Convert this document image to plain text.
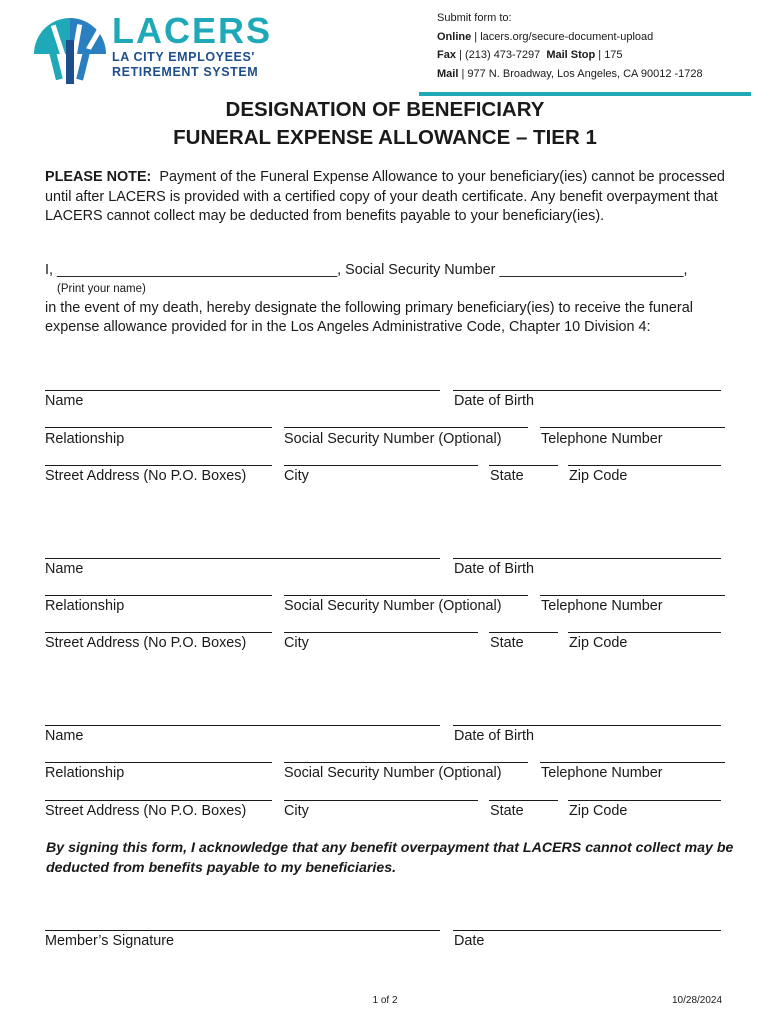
LACERS
LA CITY EMPLOYEES'
RETIREMENT SYSTEM
Submit form to:
Online | lacers.org/secure-document-upload
Fax | (213) 473-7297 Mail Stop | 175
Mail | 977 N. Broadway, Los Angeles, CA 90012 -1728
DESIGNATION OF BENEFICIARY
FUNERAL EXPENSE ALLOWANCE – TIER 1
PLEASE NOTE: Payment of the Funeral Expense Allowance to your beneficiary(ies) cannot be processed until after LACERS is provided with a certified copy of your death certificate. Any benefit overpayment that LACERS cannot collect may be deducted from benefits payable to your beneficiary(ies).
I, ___________________________________, Social Security Number _______________________,
(Print your name)
in the event of my death, hereby designate the following primary beneficiary(ies) to receive the funeral expense allowance provided for in the Los Angeles Administrative Code, Chapter 10 Division 4:
Name	Date of Birth
Relationship	Social Security Number (Optional)	Telephone Number
Street Address (No P.O. Boxes)	City	State	Zip Code
Name	Date of Birth
Relationship	Social Security Number (Optional)	Telephone Number
Street Address (No P.O. Boxes)	City	State	Zip Code
Name	Date of Birth
Relationship	Social Security Number (Optional)	Telephone Number
Street Address (No P.O. Boxes)	City	State	Zip Code
By signing this form, I acknowledge that any benefit overpayment that LACERS cannot collect may be deducted from benefits payable to my beneficiaries.
Member’s Signature	Date
1 of 2	10/28/2024
